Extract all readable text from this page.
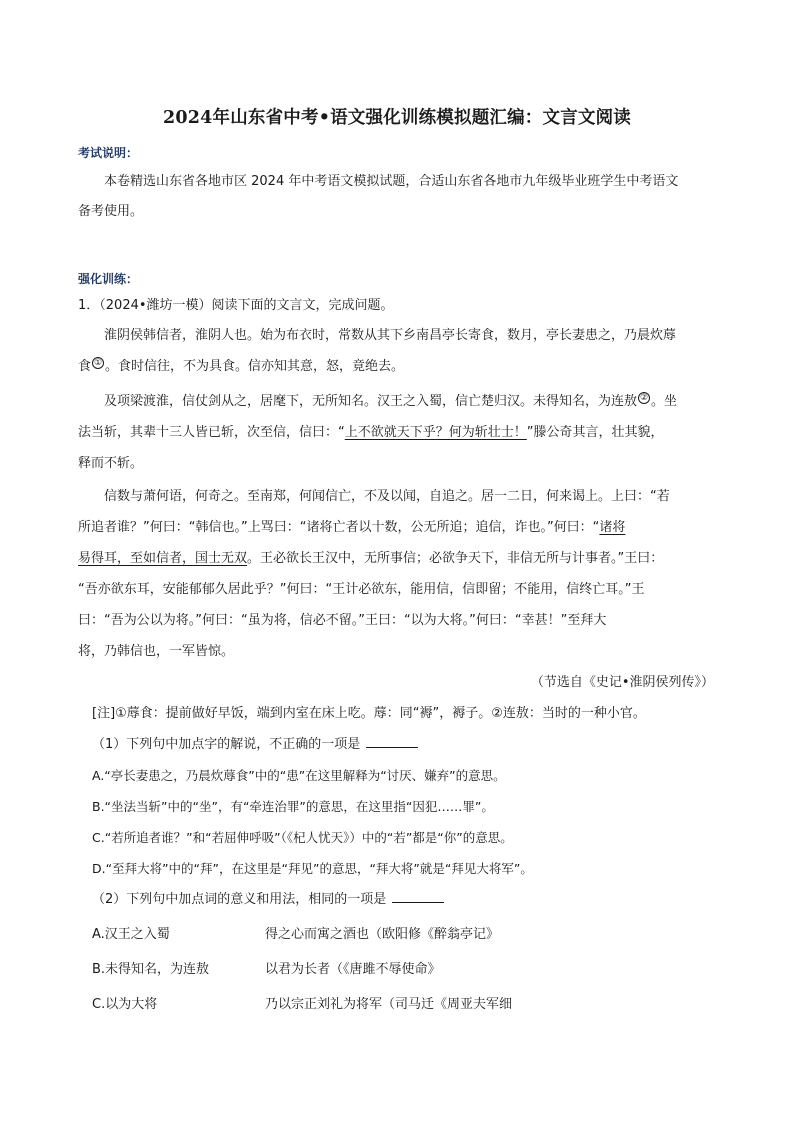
2024年山东省中考•语文强化训练模拟题汇编：文言文阅读
考试说明：
本卷精选山东省各地市区 2024 年中考语文模拟试题，合适山东省各地市九年级毕业班学生中考语文
备考使用。
强化训练：
1．（2024•潍坊一模）阅读下面的文言文，完成问题。
淮阴侯韩信者，淮阴人也。始为布衣时，常数从其下乡南昌亭长寄食，数月，亭长妻患之，乃晨炊蓐
食 ① 。食时信往，不为具食。信亦知其意，怒，竟绝去。
及项梁渡淮，信仗剑从之，居麾下，无所知名。汉王之入蜀，信亡楚归汉。未得知名，为连敖 ② 。坐
法当斩，其辈十三人皆已斩，次至信，信曰：“上不欲就天下乎？何为斩壮士！”滕公奇其言，壮其貌，
释而不斩。
信数与萧何语，何奇之。至南郑，何闻信亡，不及以闻，自追之。居一二日，何来谒上。上曰：“若
所追者谁？”何曰：“韩信也。”上骂曰：“诸将亡者以十数，公无所追；追信，诈也。”何曰：“诸将
易得耳，至如信者，国士无双。王必欲长王汉中，无所事信；必欲争天下，非信无所与计事者。”王曰：
“吾亦欲东耳，安能郁郁久居此乎？”何曰：“王计必欲东，能用信，信即留；不能用，信终亡耳。”王
曰：“吾为公以为将。”何曰：“虽为将，信必不留。”王曰：“以为大将。”何曰：“幸甚！”至拜大
将，乃韩信也，一军皆惊。
（节选自《史记•淮阴侯列传》）
[注]①蓐食：提前做好早饭，端到内室在床上吃。蓐：同“褥”，褥子。②连敖：当时的一种小官。
（1）下列句中加点字的解说，不正确的一项是
A.“亭长妻患之，乃晨炊蓐食”中的“患”在这里解释为“讨厌、嫌弃”的意思。
B.“坐法当斩”中的“坐”，有“牵连治罪”的意思，在这里指“因犯……罪”。
C.“若所追者谁？”和“若屈伸呼吸”（《杞人忧天》）中的“若”都是“你”的意思。
D.“至拜大将”中的“拜”，在这里是“拜见”的意思，“拜大将”就是“拜见大将军”。
（2）下列句中加点词的意义和用法，相同的一项是
A.汉王之入蜀	得之心而寓之酒也（欧阳修《醉翁亭记》
B.未得知名，为连敖	以君为长者（《唐雎不辱使命》
C.以为大将	乃以宗正刘礼为将军（司马迁《周亚夫军细
